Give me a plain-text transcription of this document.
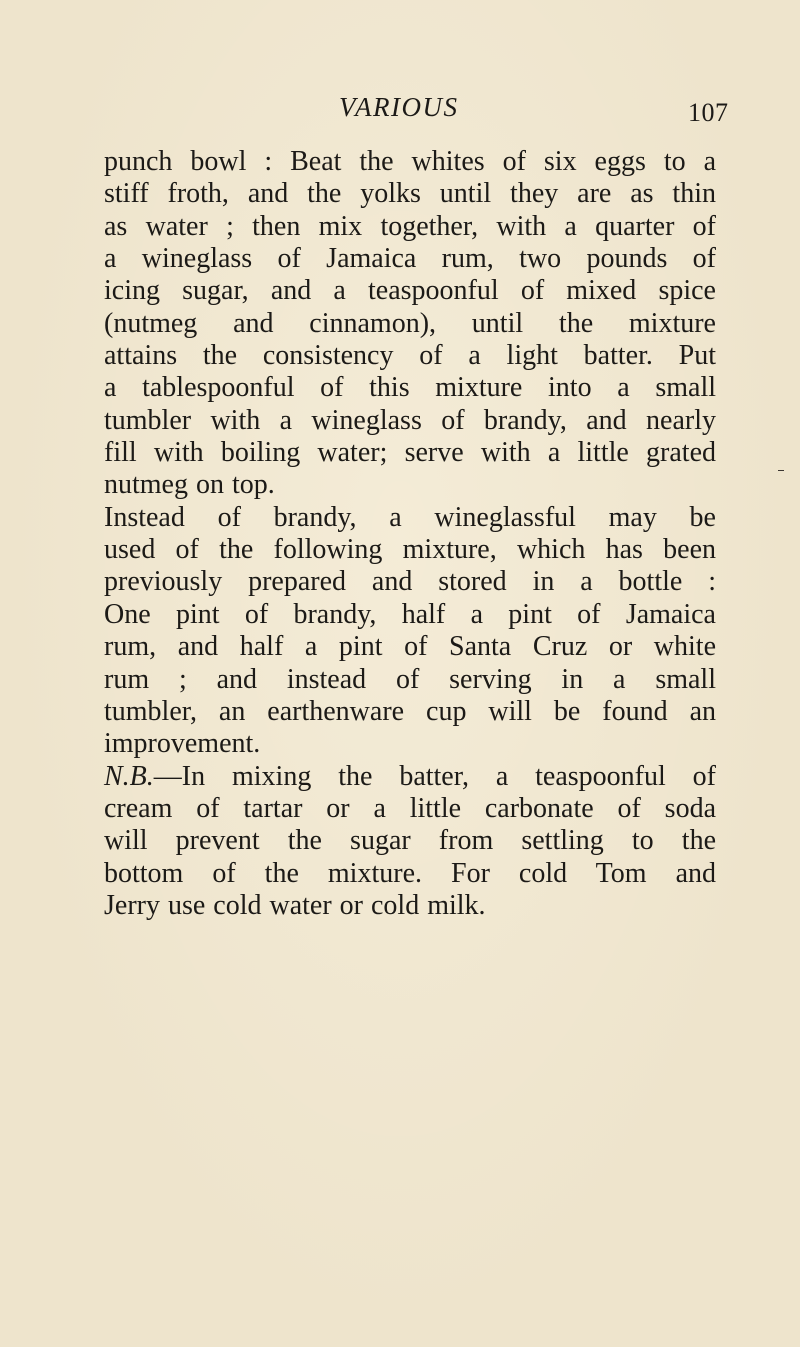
VARIOUS	107
punch bowl : Beat the whites of six eggs to a
stiff froth, and the yolks until they are as thin
as water ; then mix together, with a quarter of
a wineglass of Jamaica rum, two pounds of
icing sugar, and a teaspoonful of mixed spice
(nutmeg and cinnamon), until the mixture
attains the consistency of a light batter. Put
a tablespoonful of this mixture into a small
tumbler with a wineglass of brandy, and nearly
fill with boiling water; serve with a little grated
nutmeg on top.
Instead of brandy, a wineglassful may be
used of the following mixture, which has been
previously prepared and stored in a bottle :
One pint of brandy, half a pint of Jamaica
rum, and half a pint of Santa Cruz or white
rum ; and instead of serving in a small
tumbler, an earthenware cup will be found an
improvement.
N.B.—In mixing the batter, a teaspoonful of
cream of tartar or a little carbonate of soda
will prevent the sugar from settling to the
bottom of the mixture. For cold Tom and
Jerry use cold water or cold milk.
